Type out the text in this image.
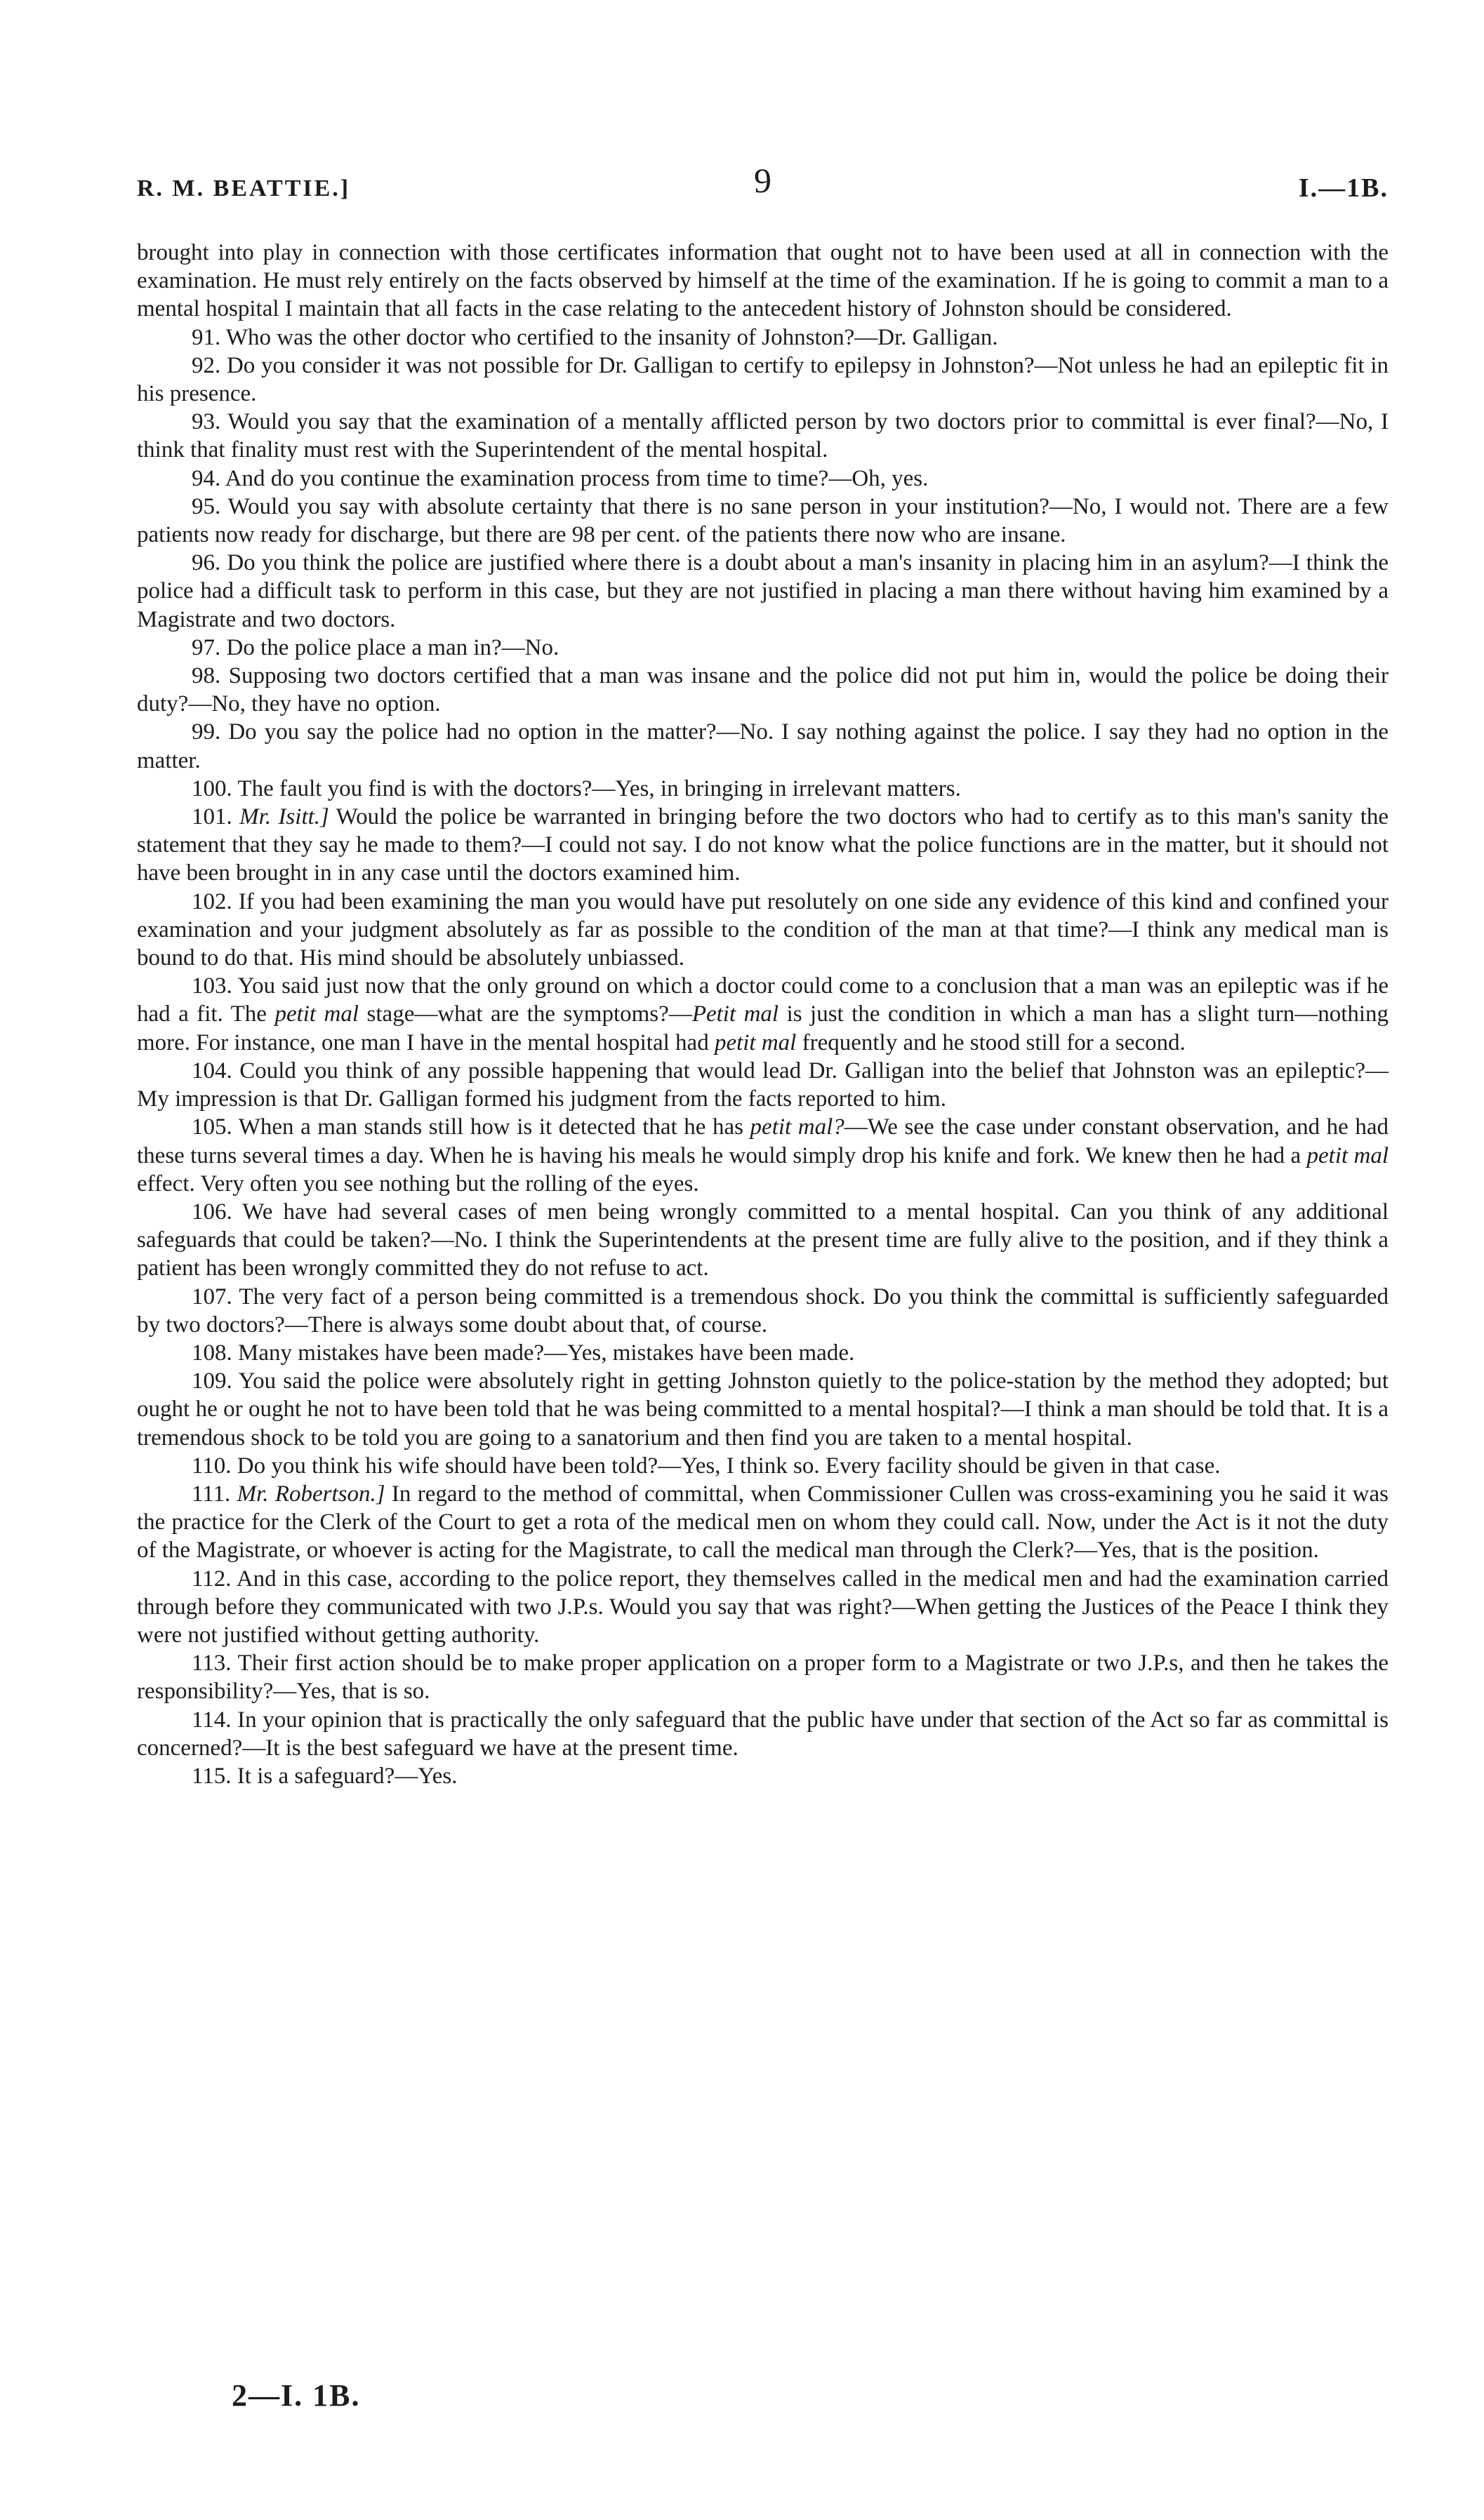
R. M. BEATTIE.]	9	I.—1B.

brought into play in connection with those certificates information that ought not to have been used at all in connection with the examination. He must rely entirely on the facts observed by himself at the time of the examination. If he is going to commit a man to a mental hospital I maintain that all facts in the case relating to the antecedent history of Johnston should be considered.

91. Who was the other doctor who certified to the insanity of Johnston?—Dr. Galligan.

92. Do you consider it was not possible for Dr. Galligan to certify to epilepsy in Johnston?—Not unless he had an epileptic fit in his presence.

93. Would you say that the examination of a mentally afflicted person by two doctors prior to committal is ever final?—No, I think that finality must rest with the Superintendent of the mental hospital.

94. And do you continue the examination process from time to time?—Oh, yes.

95. Would you say with absolute certainty that there is no sane person in your institution?—No, I would not. There are a few patients now ready for discharge, but there are 98 per cent. of the patients there now who are insane.

96. Do you think the police are justified where there is a doubt about a man's insanity in placing him in an asylum?—I think the police had a difficult task to perform in this case, but they are not justified in placing a man there without having him examined by a Magistrate and two doctors.

97. Do the police place a man in?—No.

98. Supposing two doctors certified that a man was insane and the police did not put him in, would the police be doing their duty?—No, they have no option.

99. Do you say the police had no option in the matter?—No. I say nothing against the police. I say they had no option in the matter.

100. The fault you find is with the doctors?—Yes, in bringing in irrelevant matters.

101. Mr. Isitt.] Would the police be warranted in bringing before the two doctors who had to certify as to this man's sanity the statement that they say he made to them?—I could not say. I do not know what the police functions are in the matter, but it should not have been brought in in any case until the doctors examined him.

102. If you had been examining the man you would have put resolutely on one side any evidence of this kind and confined your examination and your judgment absolutely as far as possible to the condition of the man at that time?—I think any medical man is bound to do that. His mind should be absolutely unbiassed.

103. You said just now that the only ground on which a doctor could come to a conclusion that a man was an epileptic was if he had a fit. The petit mal stage—what are the symptoms?—Petit mal is just the condition in which a man has a slight turn—nothing more. For instance, one man I have in the mental hospital had petit mal frequently and he stood still for a second.

104. Could you think of any possible happening that would lead Dr. Galligan into the belief that Johnston was an epileptic?—My impression is that Dr. Galligan formed his judgment from the facts reported to him.

105. When a man stands still how is it detected that he has petit mal?—We see the case under constant observation, and he had these turns several times a day. When he is having his meals he would simply drop his knife and fork. We knew then he had a petit mal effect. Very often you see nothing but the rolling of the eyes.

106. We have had several cases of men being wrongly committed to a mental hospital. Can you think of any additional safeguards that could be taken?—No. I think the Superintendents at the present time are fully alive to the position, and if they think a patient has been wrongly committed they do not refuse to act.

107. The very fact of a person being committed is a tremendous shock. Do you think the committal is sufficiently safeguarded by two doctors?—There is always some doubt about that, of course.

108. Many mistakes have been made?—Yes, mistakes have been made.

109. You said the police were absolutely right in getting Johnston quietly to the police-station by the method they adopted; but ought he or ought he not to have been told that he was being committed to a mental hospital?—I think a man should be told that. It is a tremendous shock to be told you are going to a sanatorium and then find you are taken to a mental hospital.

110. Do you think his wife should have been told?—Yes, I think so. Every facility should be given in that case.

111. Mr. Robertson.] In regard to the method of committal, when Commissioner Cullen was cross-examining you he said it was the practice for the Clerk of the Court to get a rota of the medical men on whom they could call. Now, under the Act is it not the duty of the Magistrate, or whoever is acting for the Magistrate, to call the medical man through the Clerk?—Yes, that is the position.

112. And in this case, according to the police report, they themselves called in the medical men and had the examination carried through before they communicated with two J.P.s. Would you say that was right?—When getting the Justices of the Peace I think they were not justified without getting authority.

113. Their first action should be to make proper application on a proper form to a Magistrate or two J.P.s, and then he takes the responsibility?—Yes, that is so.

114. In your opinion that is practically the only safeguard that the public have under that section of the Act so far as committal is concerned?—It is the best safeguard we have at the present time.

115. It is a safeguard?—Yes.

2—I. 1B.
